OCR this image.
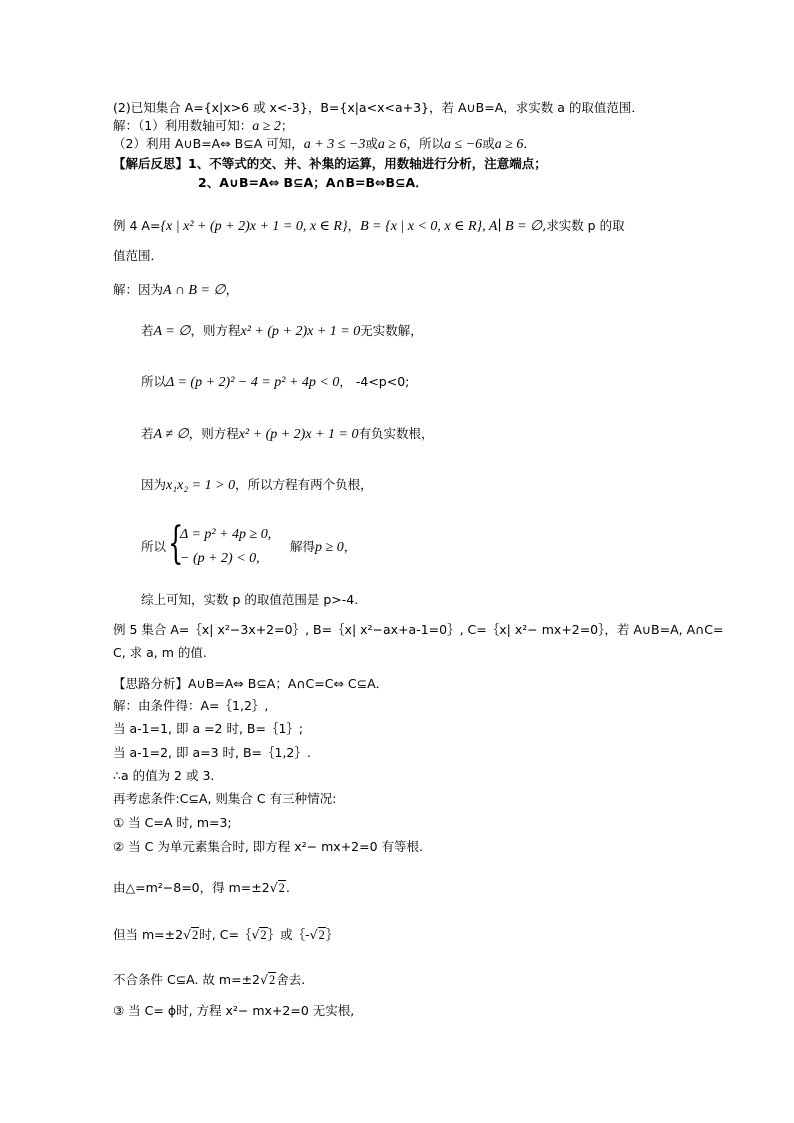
(2)已知集合 A={x|x>6 或 x<-3}，B={x|a<x<a+3}，若 A∪B=A，求实数 a 的取值范围．
解：（1）利用数轴可知：a ≥ 2；
（2）利用 A∪B=A⇔ B⊆A 可知，a + 3 ≤ −3或a ≥ 6，所以a ≤ −6或a ≥ 6．
【解后反思】1、不等式的交、并、补集的运算，用数轴进行分析，注意端点；
2、A∪B=A⇔ B⊆A；A∩B=B⇔B⊆A．
例 4 A={x | x² + (p + 2)x + 1 = 0, x ∈ R}，B = {x | x < 0, x ∈ R}, A∣ B = ∅,求实数 p 的取
值范围．
解：因为A ∩ B = ∅，
若A = ∅，则方程x² + (p + 2)x + 1 = 0无实数解，
所以Δ = (p + 2)² − 4 = p² + 4p < 0， -4<p<0;
若A ≠ ∅，则方程x² + (p + 2)x + 1 = 0有负实数根，
因为x₁x₂ = 1 > 0，所以方程有两个负根，
所以 {
Δ = p² + 4p ≥ 0,
− (p + 2) < 0,
解得p ≥ 0，
综上可知，实数 p 的取值范围是 p>-4.
例 5 集合 A=｛x| x²−3x+2=0｝, B=｛x| x²−ax+a-1=0｝, C=｛x| x²− mx+2=0｝，若 A∪B=A, A∩C=
C, 求 a, m 的值.
【思路分析】A∪B=A⇔ B⊆A；A∩C=C⇔ C⊆A．
解：由条件得：A=｛1,2｝,
当 a-1=1, 即 a =2 时, B=｛1｝;
当 a-1=2, 即 a=3 时, B=｛1,2｝.
∴a 的值为 2 或 3.
再考虑条件:C⊆A, 则集合 C 有三种情况:
① 当 C=A 时, m=3;
② 当 C 为单元素集合时, 即方程 x²− mx+2=0 有等根.
由△=m²−8=0，得 m=±2√2.
但当 m=±2√2时, C=｛√2｝或｛-√2｝
不合条件 C⊆A. 故 m=±2√2舍去.
③ 当 C= ϕ时, 方程 x²− mx+2=0 无实根,
